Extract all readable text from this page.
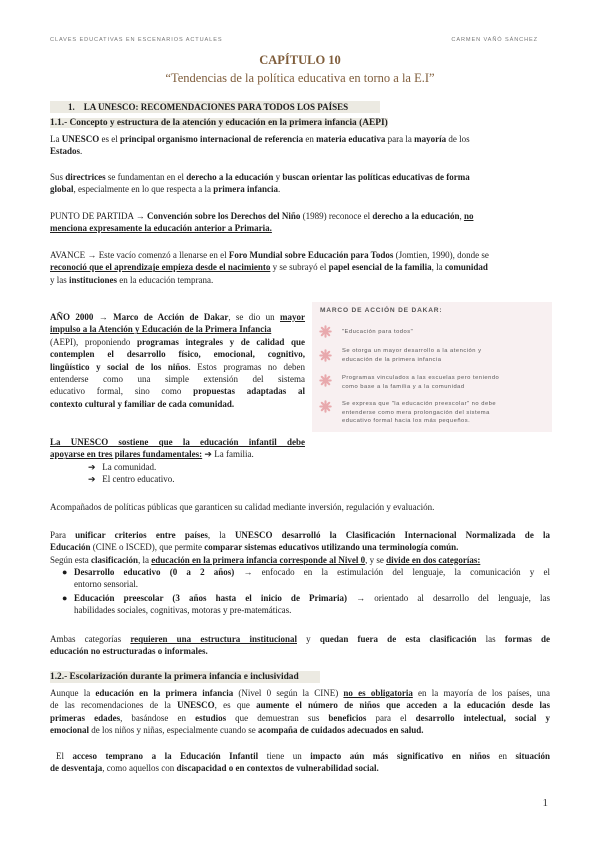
CLAVES EDUCATIVAS EN ESCENARIOS ACTUALES	CARMEN VAÑÓ SÁNCHEZ
CAPÍTULO 10
“Tendencias de la política educativa en torno a la E.I”
1. LA UNESCO: RECOMENDACIONES PARA TODOS LOS PAÍSES
1.1.- Concepto y estructura de la atención y educación en la primera infancia (AEPI)
La UNESCO es el principal organismo internacional de referencia en materia educativa para la mayoría de los
Estados.
Sus directrices se fundamentan en el derecho a la educación y buscan orientar las políticas educativas de forma
global, especialmente en lo que respecta a la primera infancia.
PUNTO DE PARTIDA → Convención sobre los Derechos del Niño (1989) reconoce el derecho a la educación, no
menciona expresamente la educación anterior a Primaria.
AVANCE → Este vacío comenzó a llenarse en el Foro Mundial sobre Educación para Todos (Jomtien, 1990), donde se
reconoció que el aprendizaje empieza desde el nacimiento y se subrayó el papel esencial de la familia, la comunidad
y las instituciones en la educación temprana.
AÑO 2000 → Marco de Acción de Dakar, se dio un mayor
impulso a la Atención y Educación de la Primera Infancia
(AEPI), proponiendo programas integrales y de calidad que
contemplen el desarrollo físico, emocional, cognitivo,
lingüístico y social de los niños. Estos programas no deben
entenderse como una simple extensión del sistema
educativo formal, sino como propuestas adaptadas al
contexto cultural y familiar de cada comunidad.
MARCO DE ACCIÓN DE DAKAR:
"Educación para todos"
Se otorga un mayor desarrollo a la atención y
educación de la primera infancia
Programas vinculados a las escuelas pero teniendo
como base a la familia y a la comunidad
Se expresa que "la educación preescolar" no debe
entenderse como mera prolongación del sistema
educativo formal hacia los más pequeños.
La UNESCO sostiene que la educación infantil debe
apoyarse en tres pilares fundamentales: ➔ La familia.
➔ La comunidad.
➔ El centro educativo.
Acompañados de políticas públicas que garanticen su calidad mediante inversión, regulación y evaluación.
Para unificar criterios entre países, la UNESCO desarrolló la Clasificación Internacional Normalizada de la
Educación (CINE o ISCED), que permite comparar sistemas educativos utilizando una terminología común.
Según esta clasificación, la educación en la primera infancia corresponde al Nivel 0, y se divide en dos categorías:
● Desarrollo educativo (0 a 2 años) → enfocado en la estimulación del lenguaje, la comunicación y el
entorno sensorial.
● Educación preescolar (3 años hasta el inicio de Primaria) → orientado al desarrollo del lenguaje, las
habilidades sociales, cognitivas, motoras y pre-matemáticas.
Ambas categorías requieren una estructura institucional y quedan fuera de esta clasificación las formas de
educación no estructuradas o informales.
1.2.- Escolarización durante la primera infancia e inclusividad
Aunque la educación en la primera infancia (Nivel 0 según la CINE) no es obligatoria en la mayoría de los países, una
de las recomendaciones de la UNESCO, es que aumente el número de niños que acceden a la educación desde las
primeras edades, basándose en estudios que demuestran sus beneficios para el desarrollo intelectual, social y
emocional de los niños y niñas, especialmente cuando se acompaña de cuidados adecuados en salud.
El acceso temprano a la Educación Infantil tiene un impacto aún más significativo en niños en situación
de desventaja, como aquellos con discapacidad o en contextos de vulnerabilidad social.
1
